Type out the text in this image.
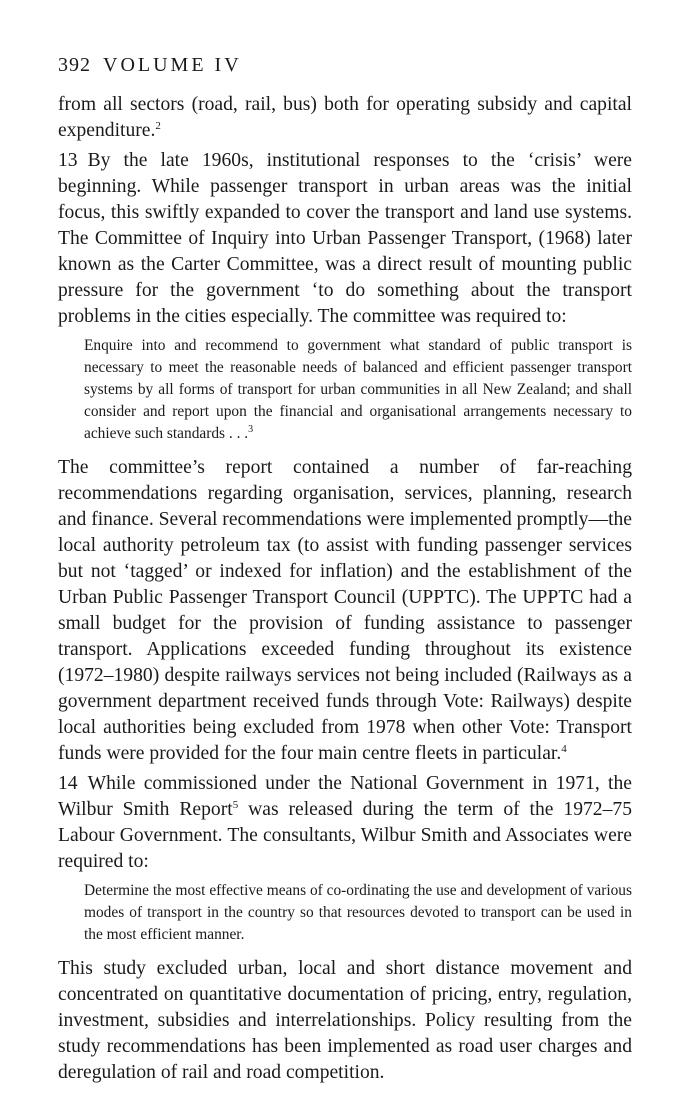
392 VOLUME IV

from all sectors (road, rail, bus) both for operating subsidy and capital expenditure.$^2$

13 By the late 1960s, institutional responses to the ‘crisis’ were beginning. While passenger transport in urban areas was the initial focus, this swiftly expanded to cover the transport and land use systems. The Committee of Inquiry into Urban Passenger Transport, (1968) later known as the Carter Committee, was a direct result of mounting public pressure for the government ‘to do something about the transport problems in the cities especially. The committee was required to:

Enquire into and recommend to government what standard of public transport is necessary to meet the reasonable needs of balanced and efficient passenger transport systems by all forms of transport for urban communities in all New Zealand; and shall consider and report upon the financial and organisational arrangements necessary to achieve such standards . . .$^3$

The committee’s report contained a number of far-reaching recommendations regarding organisation, services, planning, research and finance. Several recommendations were implemented promptly—the local authority petroleum tax (to assist with funding passenger services but not ‘tagged’ or indexed for inflation) and the establishment of the Urban Public Passenger Transport Council (UPPTC). The UPPTC had a small budget for the provision of funding assistance to passenger transport. Applications exceeded funding throughout its existence (1972–1980) despite railways services not being included (Railways as a government department received funds through Vote: Railways) despite local authorities being excluded from 1978 when other Vote: Transport funds were provided for the four main centre fleets in particular.$^4$

14 While commissioned under the National Government in 1971, the Wilbur Smith Report$^5$ was released during the term of the 1972–75 Labour Government. The consultants, Wilbur Smith and Associates were required to:

Determine the most effective means of co-ordinating the use and development of various modes of transport in the country so that resources devoted to transport can be used in the most efficient manner.

This study excluded urban, local and short distance movement and concentrated on quantitative documentation of pricing, entry, regulation, investment, subsidies and interrelationships. Policy resulting from the study recommendations has been implemented as road user charges and deregulation of rail and road competition.
